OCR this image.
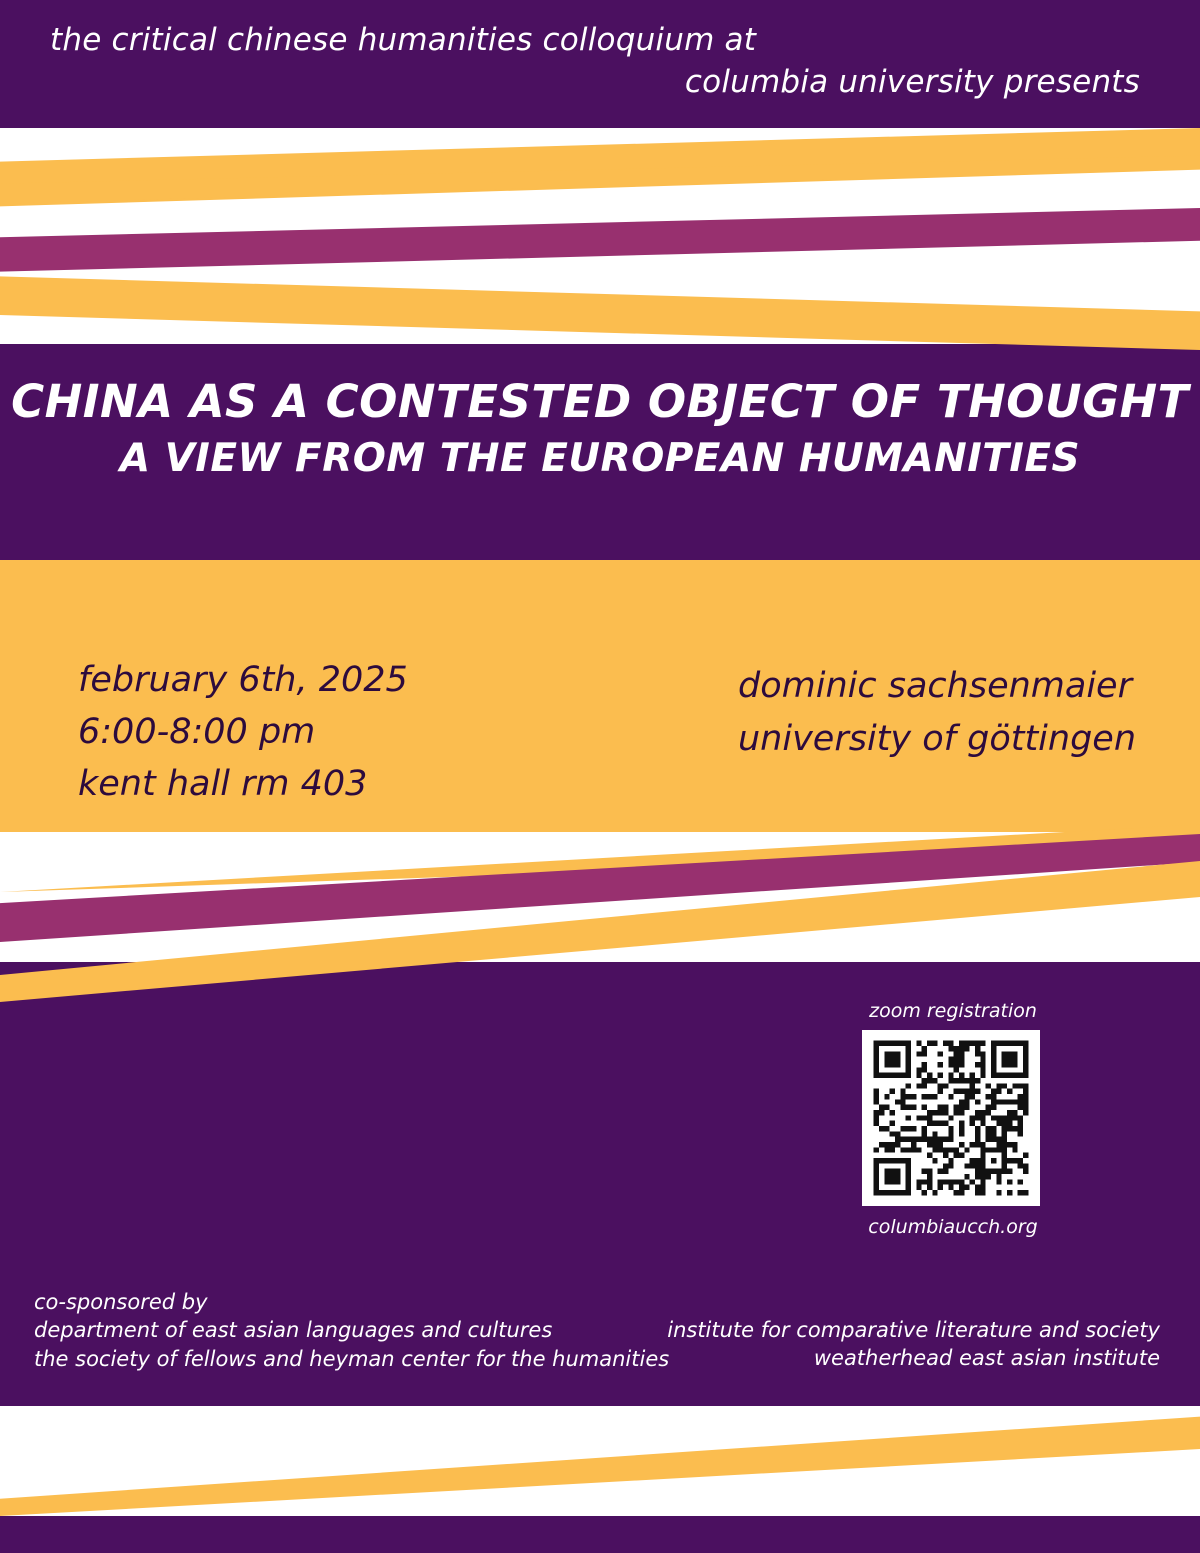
the critical chinese humanities colloquium at
columbia university presents
CHINA AS A CONTESTED OBJECT OF THOUGHT
A VIEW FROM THE EUROPEAN HUMANITIES
february 6th, 2025
6:00-8:00 pm
kent hall rm 403
dominic sachsenmaier
university of göttingen
zoom registration
columbiaucch.org
co-sponsored by
department of east asian languages and cultures
the society of fellows and heyman center for the humanities
institute for comparative literature and society
weatherhead east asian institute
